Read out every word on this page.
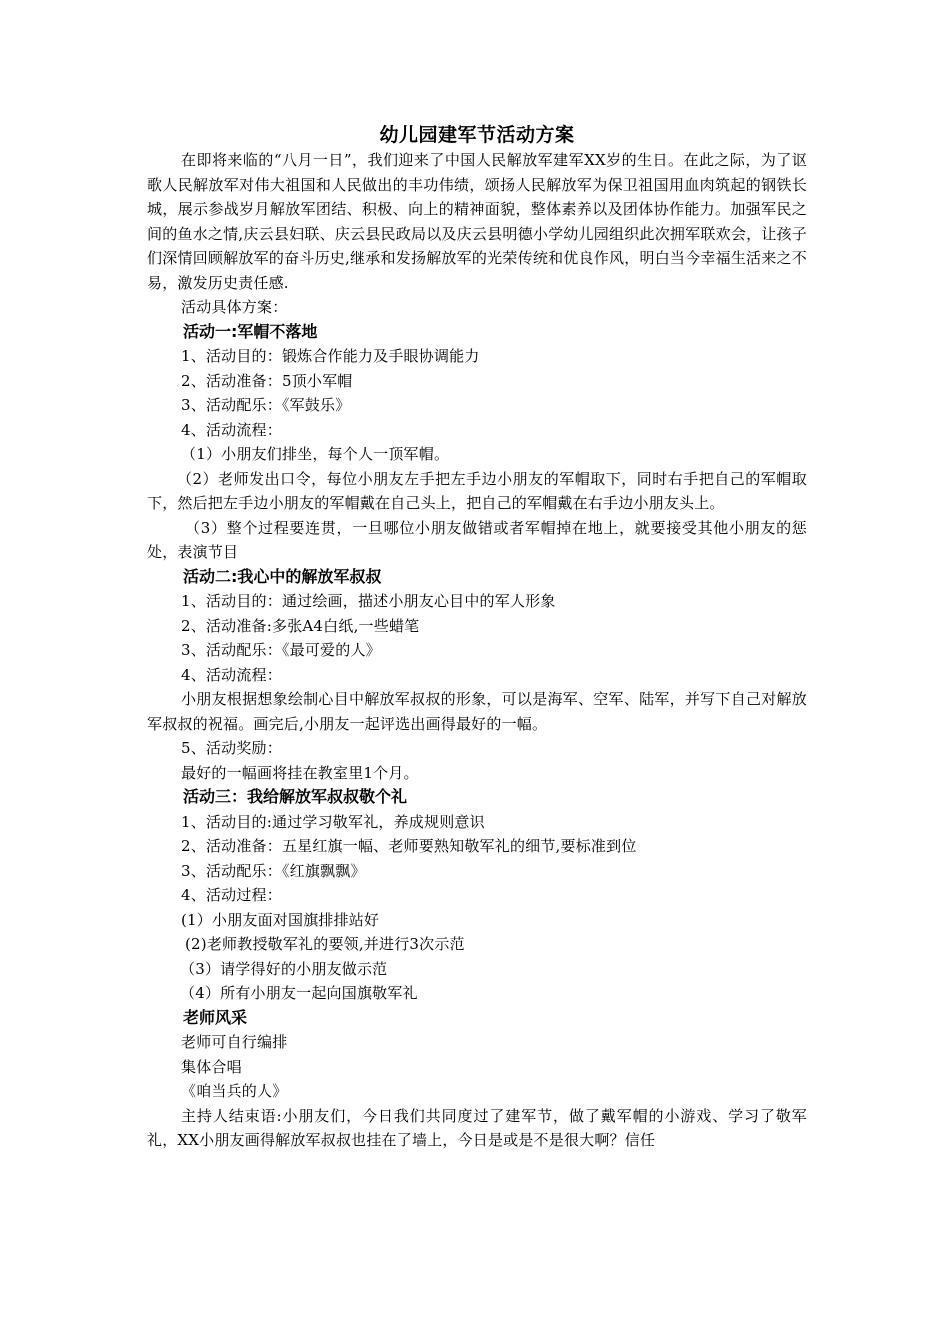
幼儿园建军节活动方案

在即将来临的“八月一日”，我们迎来了中国人民解放军建军XX岁的生日。在此之际，为了讴歌人民解放军对伟大祖国和人民做出的丰功伟绩，颂扬人民解放军为保卫祖国用血肉筑起的钢铁长城，展示参战岁月解放军团结、积极、向上的精神面貌，整体素养以及团体协作能力。加强军民之间的鱼水之情,庆云县妇联、庆云县民政局以及庆云县明德小学幼儿园组织此次拥军联欢会，让孩子们深情回顾解放军的奋斗历史,继承和发扬解放军的光荣传统和优良作风，明白当今幸福生活来之不易，激发历史责任感.

活动具体方案：

活动一:军帽不落地

1、活动目的：锻炼合作能力及手眼协调能力

2、活动准备：5顶小军帽

3、活动配乐：《军鼓乐》

4、活动流程：

（1）小朋友们排坐，每个人一顶军帽。

（2）老师发出口令，每位小朋友左手把左手边小朋友的军帽取下，同时右手把自己的军帽取下，然后把左手边小朋友的军帽戴在自己头上，把自己的军帽戴在右手边小朋友头上。

（3）整个过程要连贯，一旦哪位小朋友做错或者军帽掉在地上，就要接受其他小朋友的惩处，表演节目

活动二:我心中的解放军叔叔

1、活动目的：通过绘画，描述小朋友心目中的军人形象

2、活动准备:多张A4白纸,一些蜡笔

3、活动配乐：《最可爱的人》

4、活动流程：

小朋友根据想象绘制心目中解放军叔叔的形象，可以是海军、空军、陆军，并写下自己对解放军叔叔的祝福。画完后,小朋友一起评选出画得最好的一幅。

5、活动奖励：

最好的一幅画将挂在教室里1个月。

活动三：我给解放军叔叔敬个礼

1、活动目的:通过学习敬军礼，养成规则意识

2、活动准备：五星红旗一幅、老师要熟知敬军礼的细节,要标准到位

3、活动配乐：《红旗飘飘》

4、活动过程：

(1）小朋友面对国旗排排站好

(2)老师教授敬军礼的要领,并进行3次示范

（3）请学得好的小朋友做示范

（4）所有小朋友一起向国旗敬军礼

老师风采

老师可自行编排

集体合唱

《咱当兵的人》

主持人结束语:小朋友们，今日我们共同度过了建军节，做了戴军帽的小游戏、学习了敬军礼，XX小朋友画得解放军叔叔也挂在了墙上，今日是或是不是很大啊？信任
